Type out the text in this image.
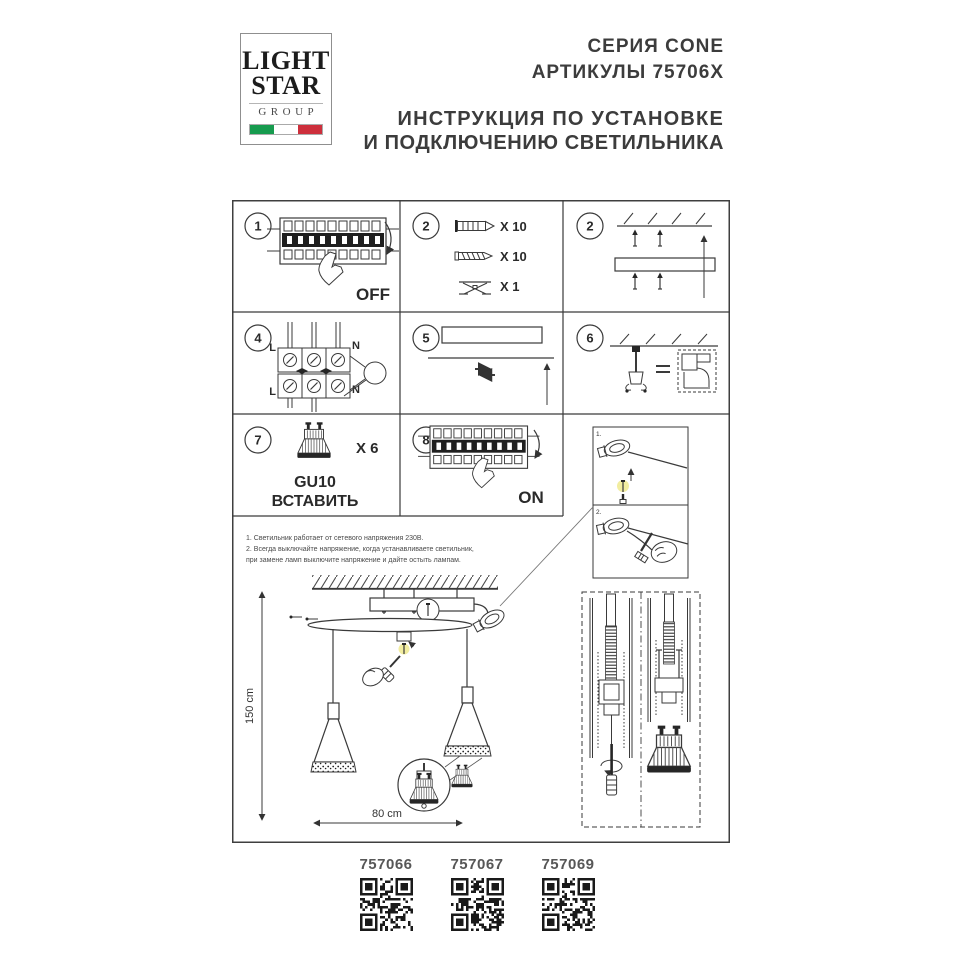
LIGHT
STAR
GROUP
СЕРИЯ CONE
АРТИКУЛЫ 75706X
ИНСТРУКЦИЯ ПО УСТАНОВКЕ
И ПОДКЛЮЧЕНИЮ СВЕТИЛЬНИКА
1
OFF
2	X 10
X 10
X 1
2
4
L	N
L	N
5	6
7	X 6
GU10
ВСТАВИТЬ
8
ON
1.
2.
1. Светильник работает от сетевого напряжения 230В.
2. Всегда выключайте напряжение, когда устанавливаете светильник,
при замене ламп выключите напряжение и дайте остыть лампам.
150 cm
80 cm
757066	757067	757069
